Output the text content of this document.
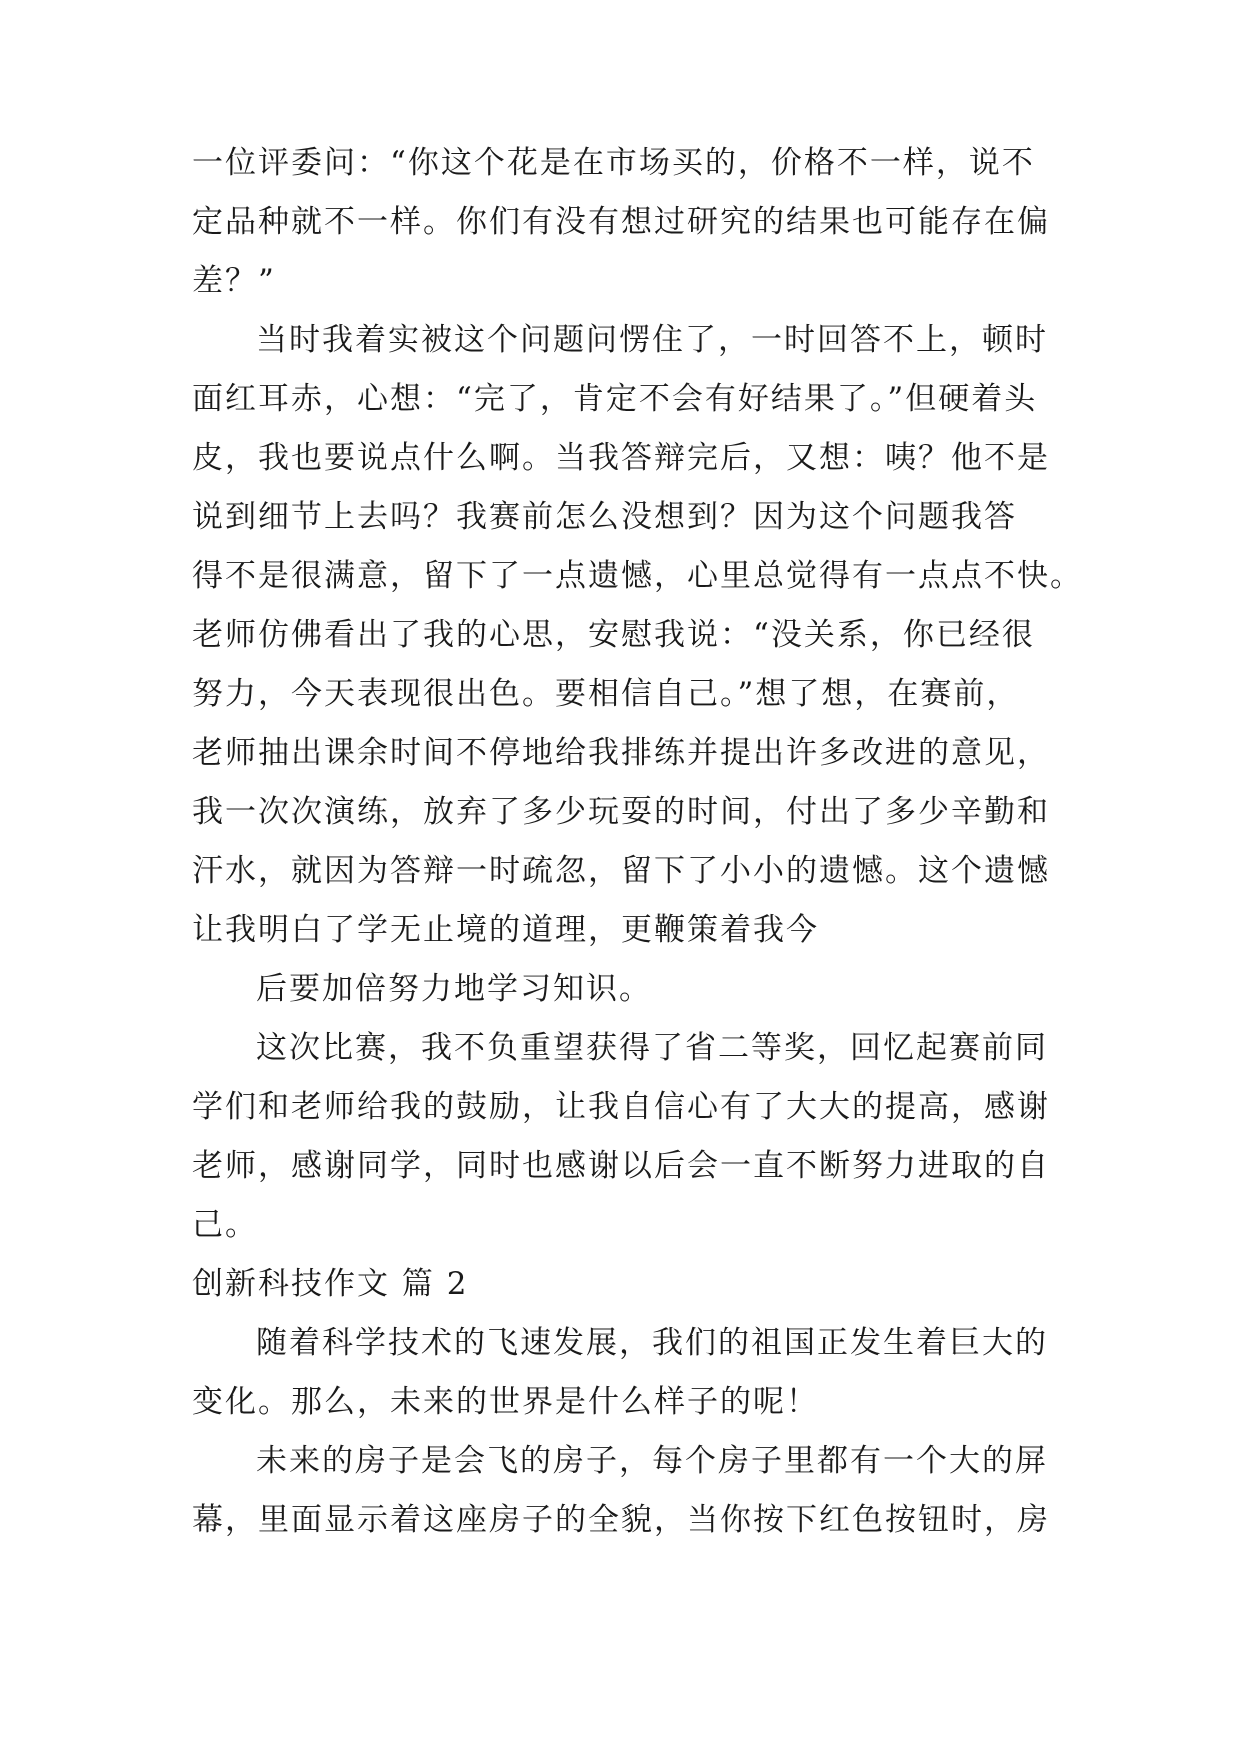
一位评委问：“你这个花是在市场买的，价格不一样，说不
定品种就不一样。你们有没有想过研究的结果也可能存在偏
差？”
当时我着实被这个问题问愣住了，一时回答不上，顿时
面红耳赤，心想：“完了，肯定不会有好结果了。”但硬着头
皮，我也要说点什么啊。当我答辩完后，又想：咦？他不是
说到细节上去吗？我赛前怎么没想到？因为这个问题我答
得不是很满意，留下了一点遗憾，心里总觉得有一点点不快。
老师仿佛看出了我的心思，安慰我说：“没关系，你已经很
努力，今天表现很出色。要相信自己。”想了想，在赛前，
老师抽出课余时间不停地给我排练并提出许多改进的意见，
我一次次演练，放弃了多少玩耍的时间，付出了多少辛勤和
汗水，就因为答辩一时疏忽，留下了小小的遗憾。这个遗憾
让我明白了学无止境的道理，更鞭策着我今
后要加倍努力地学习知识。
这次比赛，我不负重望获得了省二等奖，回忆起赛前同
学们和老师给我的鼓励，让我自信心有了大大的提高，感谢
老师，感谢同学，同时也感谢以后会一直不断努力进取的自
己。
创新科技作文 篇 2
随着科学技术的飞速发展，我们的祖国正发生着巨大的
变化。那么，未来的世界是什么样子的呢！
未来的房子是会飞的房子，每个房子里都有一个大的屏
幕，里面显示着这座房子的全貌，当你按下红色按钮时，房
